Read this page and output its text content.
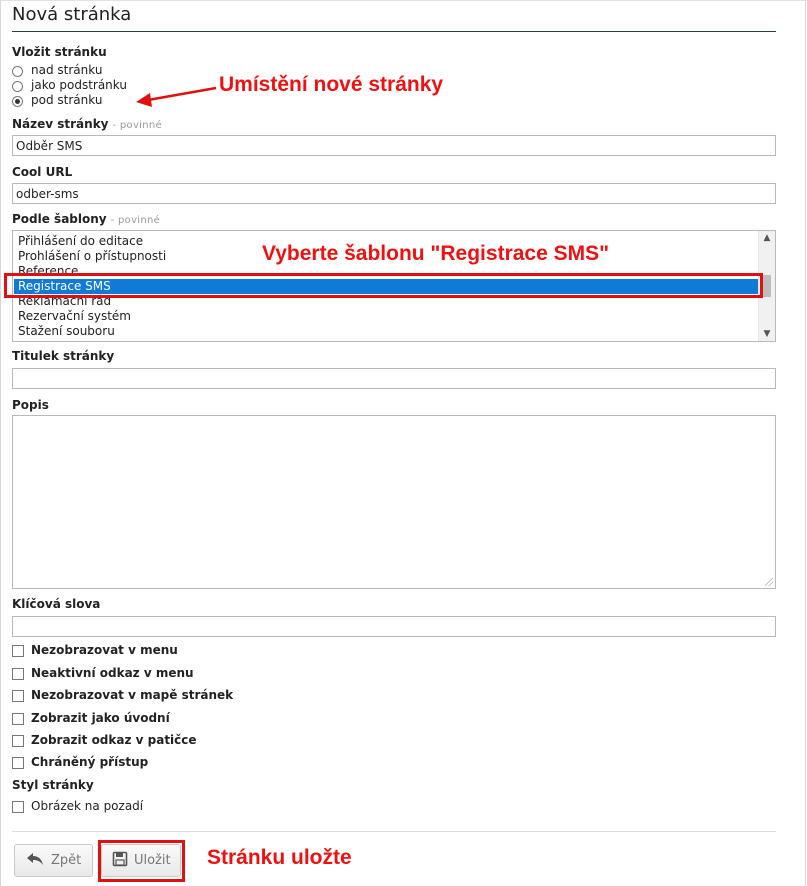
Nová stránka
Vložit stránku
nad stránku
jako podstránku
pod stránku
Název stránky - povinné
Odběr SMS
Cool URL
odber-sms
Podle šablony - povinné
Přihlášení do editace
Prohlášení o přístupnosti
Reference
Registrace SMS
Reklamační řád
Rezervační systém
Stažení souboru
▲
▼
Titulek stránky
Popis
Klíčová slova
Nezobrazovat v menu
Neaktivní odkaz v menu
Nezobrazovat v mapě stránek
Zobrazit jako úvodní
Zobrazit odkaz v patičce
Chráněný přístup
Styl stránky
Obrázek na pozadí
Zpět	Uložit
Umístění nové stránky
Vyberte šablonu "Registrace SMS"
Stránku uložte
